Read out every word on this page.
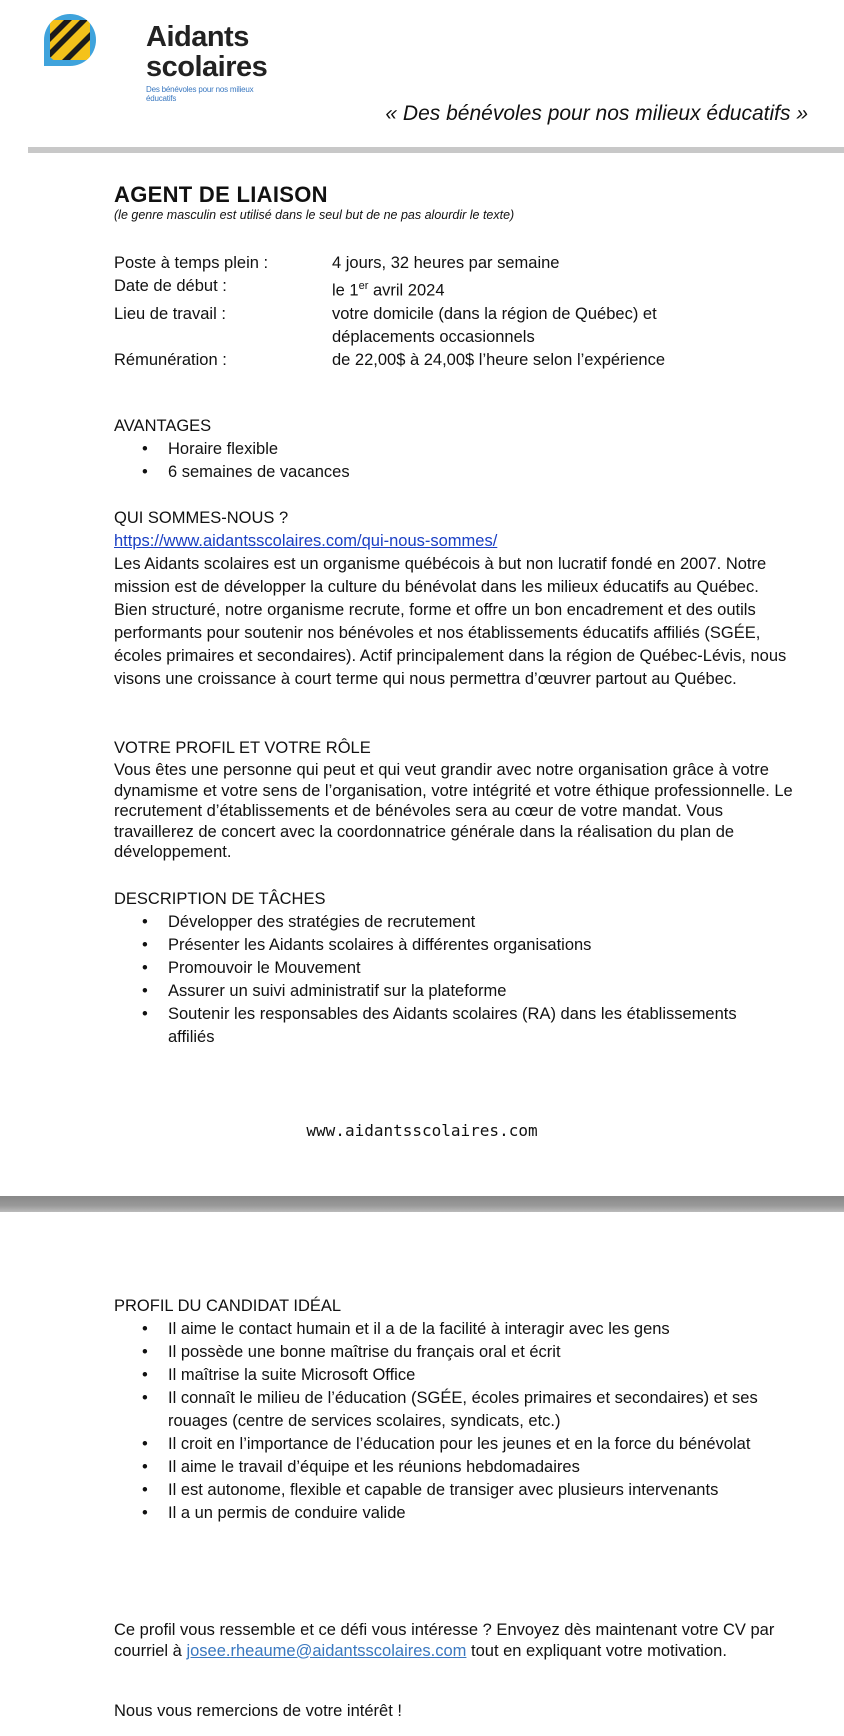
Aidants
scolaires
Des bénévoles pour nos milieux éducatifs
« Des bénévoles pour nos milieux éducatifs »
AGENT DE LIAISON
(le genre masculin est utilisé dans le seul but de ne pas alourdir le texte)
Poste à temps plein :	4 jours, 32 heures par semaine
Date de début :	le 1er avril 2024
Lieu de travail :	votre domicile (dans la région de Québec) et déplacements occasionnels
Rémunération :	de 22,00$ à 24,00$ l’heure selon l’expérience
AVANTAGES
• Horaire flexible
• 6 semaines de vacances
QUI SOMMES-NOUS ?
https://www.aidantsscolaires.com/qui-nous-sommes/

Les Aidants scolaires est un organisme québécois à but non lucratif fondé en 2007. Notre mission est de développer la culture du bénévolat dans les milieux éducatifs au Québec. Bien structuré, notre organisme recrute, forme et offre un bon encadrement et des outils performants pour soutenir nos bénévoles et nos établissements éducatifs affiliés (SGÉE, écoles primaires et secondaires). Actif principalement dans la région de Québec-Lévis, nous visons une croissance à court terme qui nous permettra d’œuvrer partout au Québec.

VOTRE PROFIL ET VOTRE RÔLE

Vous êtes une personne qui peut et qui veut grandir avec notre organisation grâce à votre dynamisme et votre sens de l’organisation, votre intégrité et votre éthique professionnelle. Le recrutement d’établissements et de bénévoles sera au cœur de votre mandat. Vous travaillerez de concert avec la coordonnatrice générale dans la réalisation du plan de développement.

DESCRIPTION DE TÂCHES
• Développer des stratégies de recrutement
• Présenter les Aidants scolaires à différentes organisations
• Promouvoir le Mouvement
• Assurer un suivi administratif sur la plateforme
• Soutenir les responsables des Aidants scolaires (RA) dans les établissements affiliés
www.aidantsscolaires.com
PROFIL DU CANDIDAT IDÉAL
• Il aime le contact humain et il a de la facilité à interagir avec les gens
• Il possède une bonne maîtrise du français oral et écrit
• Il maîtrise la suite Microsoft Office
• Il connaît le milieu de l’éducation (SGÉE, écoles primaires et secondaires) et ses rouages (centre de services scolaires, syndicats, etc.)
• Il croit en l’importance de l’éducation pour les jeunes et en la force du bénévolat
• Il aime le travail d’équipe et les réunions hebdomadaires
• Il est autonome, flexible et capable de transiger avec plusieurs intervenants
• Il a un permis de conduire valide
Ce profil vous ressemble et ce défi vous intéresse ? Envoyez dès maintenant votre CV par courriel à josee.rheaume@aidantsscolaires.com tout en expliquant votre motivation.
Nous vous remercions de votre intérêt !
